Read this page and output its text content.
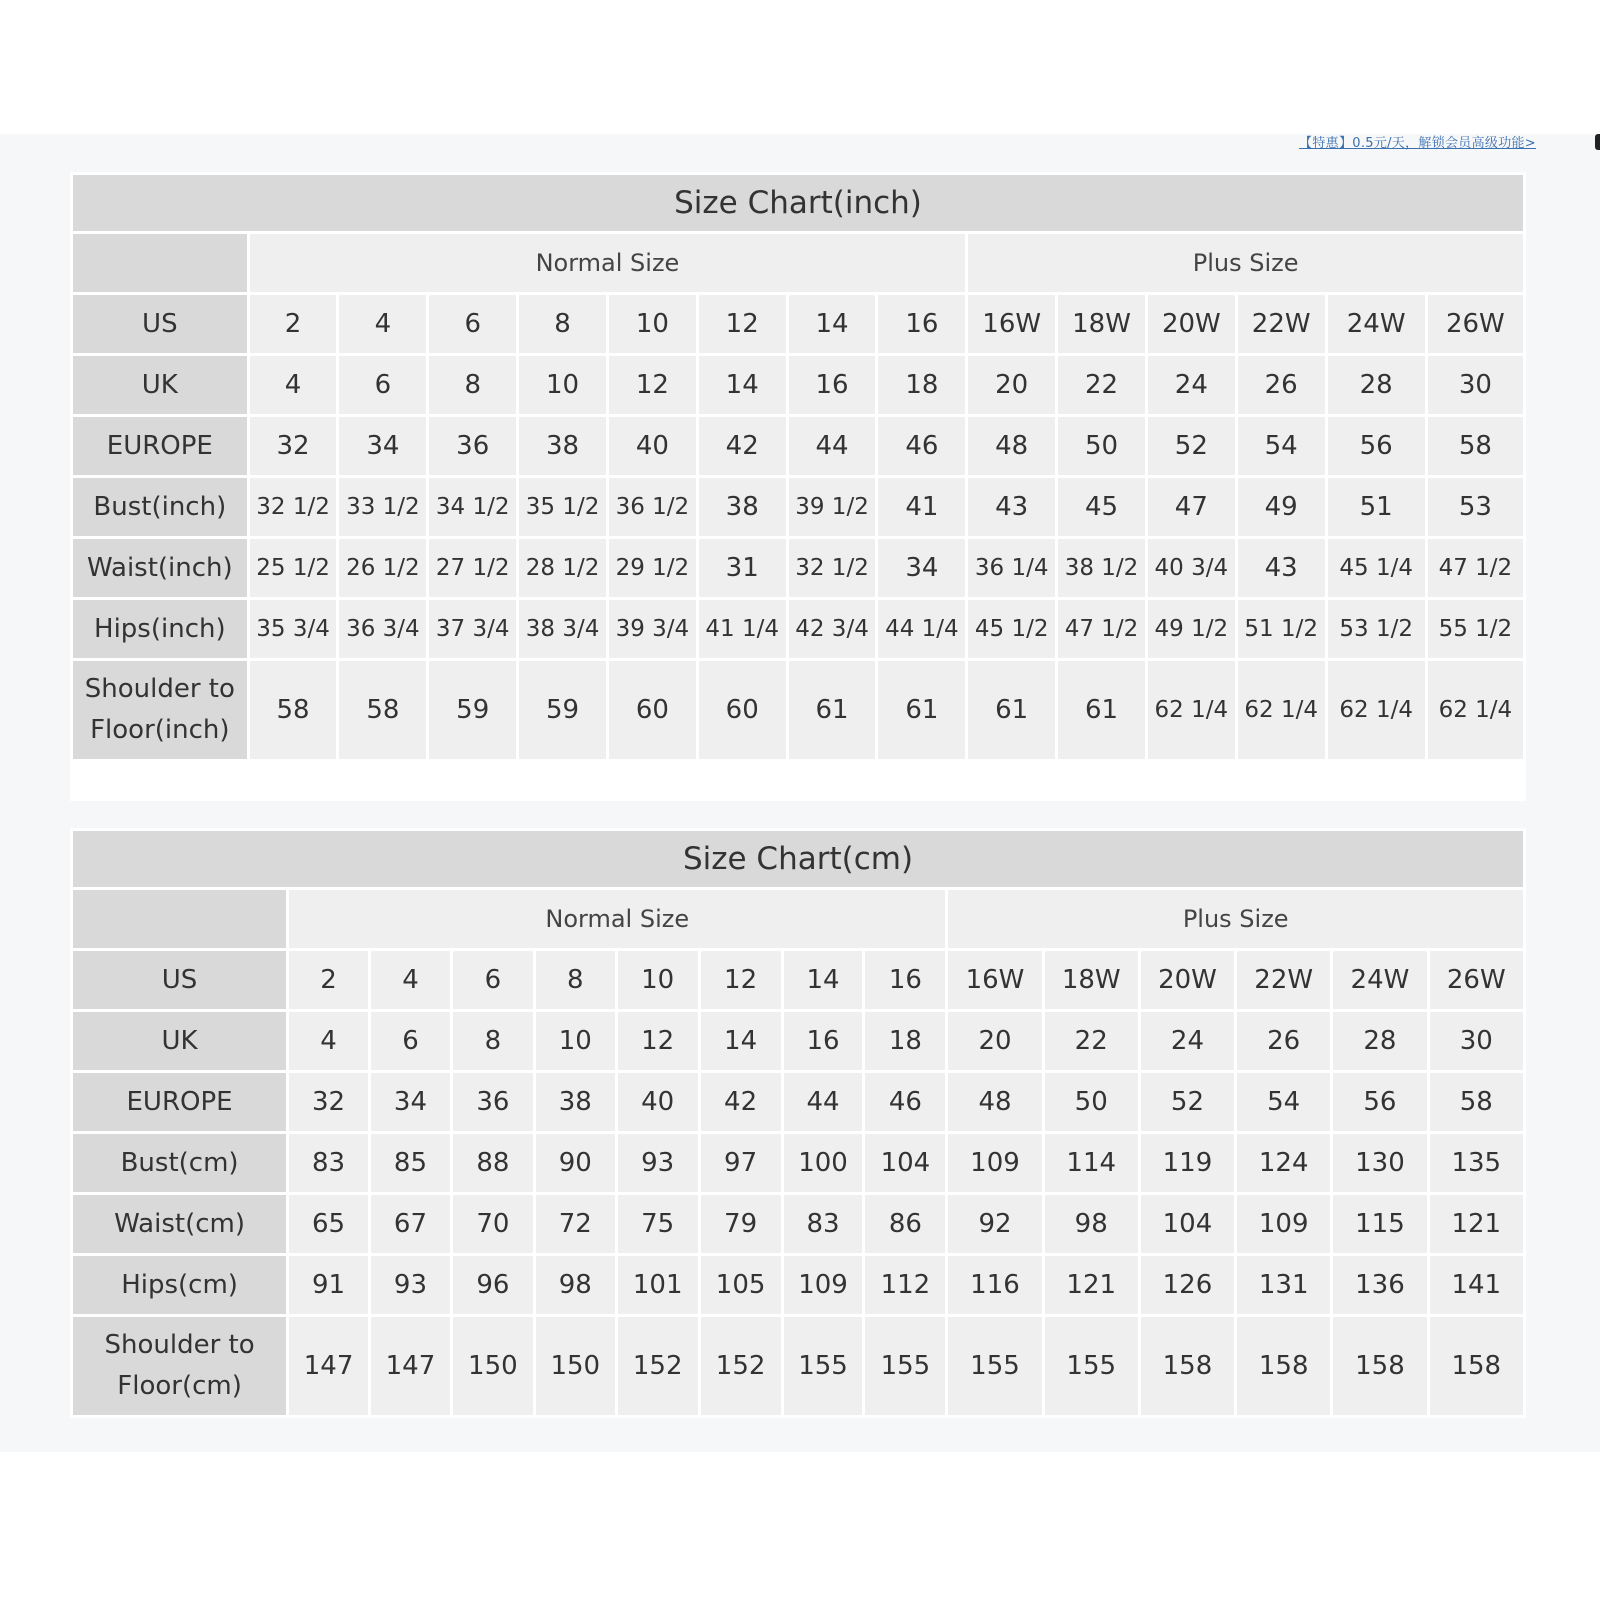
【特惠】0.5元/天，解锁会员高级功能>
Size Chart(inch)														
	Normal Size								Plus Size					
US	2	4	6	8	10	12	14	16	16W	18W	20W	22W	24W	26W
UK	4	6	8	10	12	14	16	18	20	22	24	26	28	30
EUROPE	32	34	36	38	40	42	44	46	48	50	52	54	56	58
Bust(inch)	32 1/2	33 1/2	34 1/2	35 1/2	36 1/2	38	39 1/2	41	43	45	47	49	51	53
Waist(inch)	25 1/2	26 1/2	27 1/2	28 1/2	29 1/2	31	32 1/2	34	36 1/4	38 1/2	40 3/4	43	45 1/4	47 1/2
Hips(inch)	35 3/4	36 3/4	37 3/4	38 3/4	39 3/4	41 1/4	42 3/4	44 1/4	45 1/2	47 1/2	49 1/2	51 1/2	53 1/2	55 1/2
Shoulder to Floor(inch)	58	58	59	59	60	60	61	61	61	61	62 1/4	62 1/4	62 1/4	62 1/4

Size Chart(cm)														
	Normal Size								Plus Size					
US	2	4	6	8	10	12	14	16	16W	18W	20W	22W	24W	26W
UK	4	6	8	10	12	14	16	18	20	22	24	26	28	30
EUROPE	32	34	36	38	40	42	44	46	48	50	52	54	56	58
Bust(cm)	83	85	88	90	93	97	100	104	109	114	119	124	130	135
Waist(cm)	65	67	70	72	75	79	83	86	92	98	104	109	115	121
Hips(cm)	91	93	96	98	101	105	109	112	116	121	126	131	136	141
Shoulder to Floor(cm)	147	147	150	150	152	152	155	155	155	155	158	158	158	158
